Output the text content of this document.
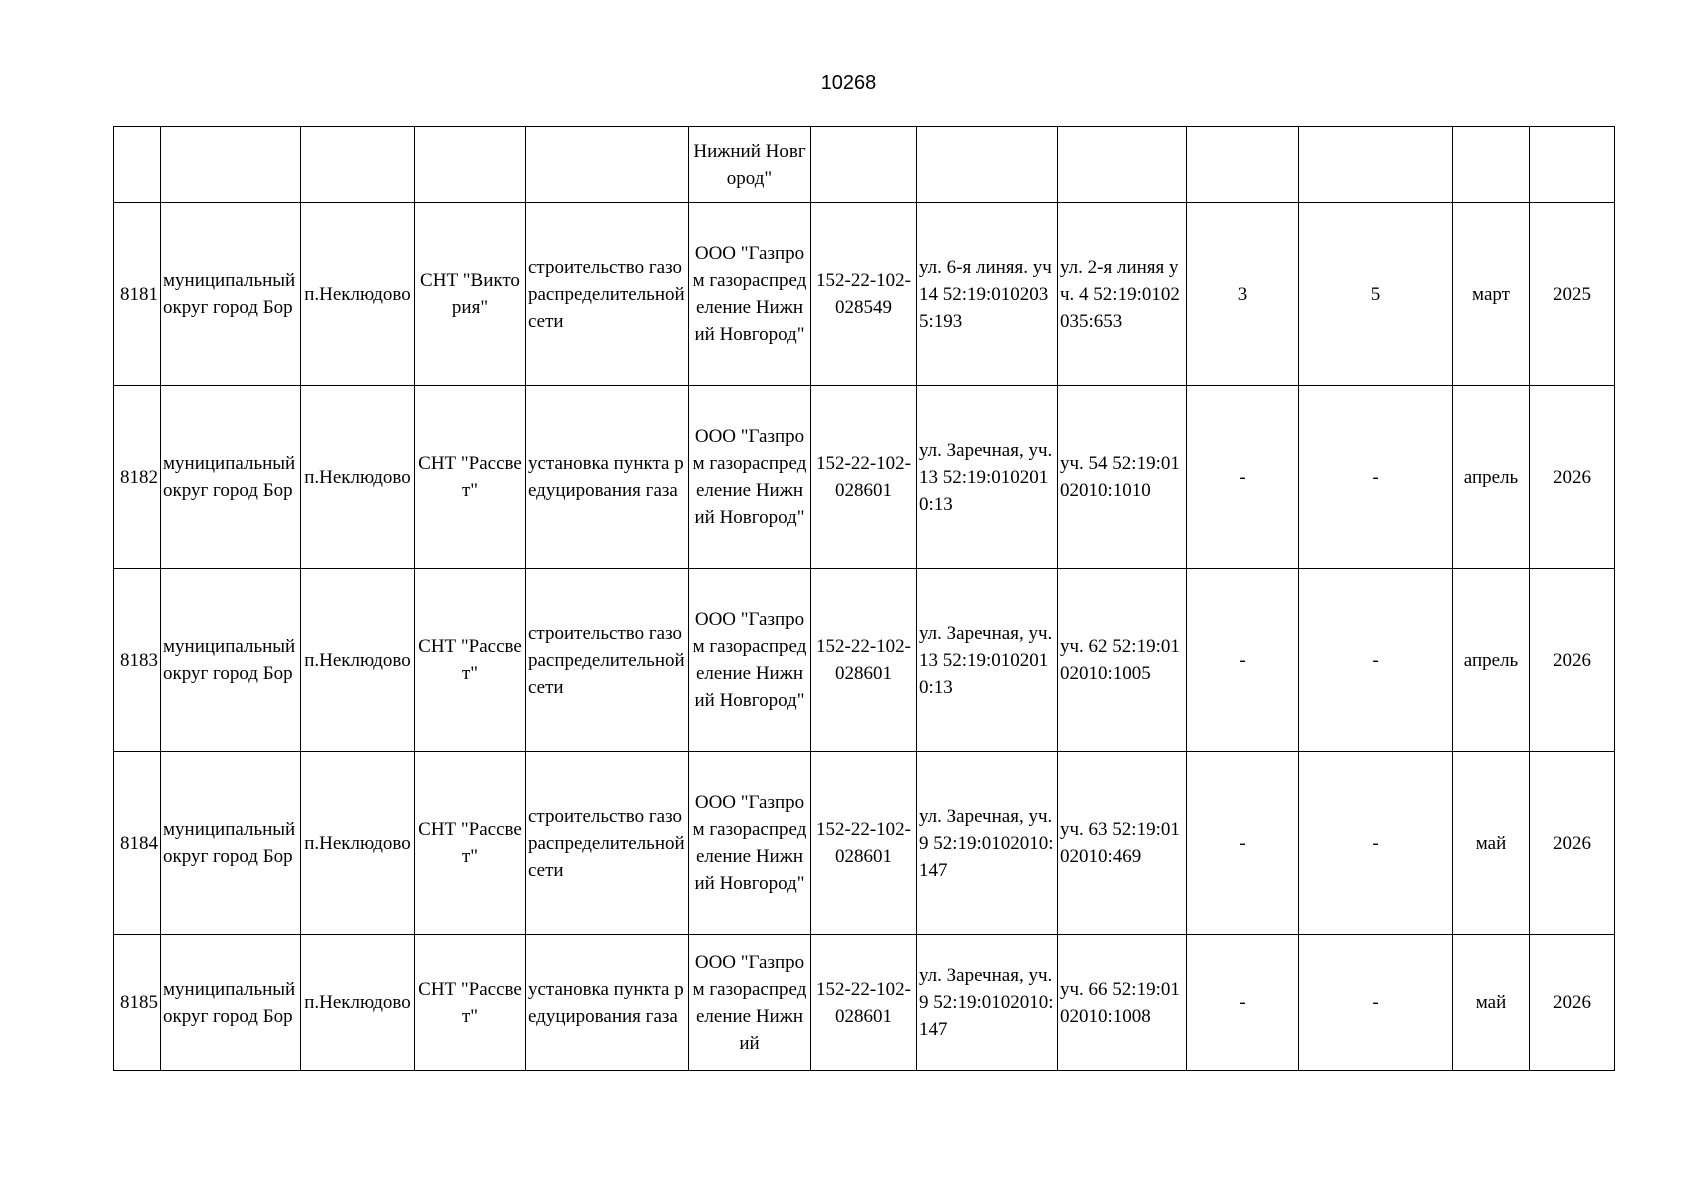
10268
					Нижний Новгород"							
8181	муниципальный округ город Бор	п.Неклюдово	СНТ "Виктория"	строительство газораспределительной сети	ООО "Газпром газораспределение Нижний Новгород"	152-22-102-028549	ул. 6-я линяя. уч 14 52:19:0102035:193	ул. 2-я линяя уч. 4 52:19:0102035:653	3	5	март	2025
8182	муниципальный округ город Бор	п.Неклюдово	СНТ "Рассвет"	установка пункта редуцирования газа	ООО "Газпром газораспределение Нижний Новгород"	152-22-102-028601	ул. Заречная, уч. 13 52:19:0102010:13	уч. 54 52:19:0102010:1010	-	-	апрель	2026
8183	муниципальный округ город Бор	п.Неклюдово	СНТ "Рассвет"	строительство газораспределительной сети	ООО "Газпром газораспределение Нижний Новгород"	152-22-102-028601	ул. Заречная, уч. 13 52:19:0102010:13	уч. 62 52:19:0102010:1005	-	-	апрель	2026
8184	муниципальный округ город Бор	п.Неклюдово	СНТ "Рассвет"	строительство газораспределительной сети	ООО "Газпром газораспределение Нижний Новгород"	152-22-102-028601	ул. Заречная, уч. 9 52:19:0102010:147	уч. 63 52:19:0102010:469	-	-	май	2026
8185	муниципальный округ город Бор	п.Неклюдово	СНТ "Рассвет"	установка пункта редуцирования газа	ООО "Газпром газораспределение Нижний	152-22-102-028601	ул. Заречная, уч. 9 52:19:0102010:147	уч. 66 52:19:0102010:1008	-	-	май	2026
